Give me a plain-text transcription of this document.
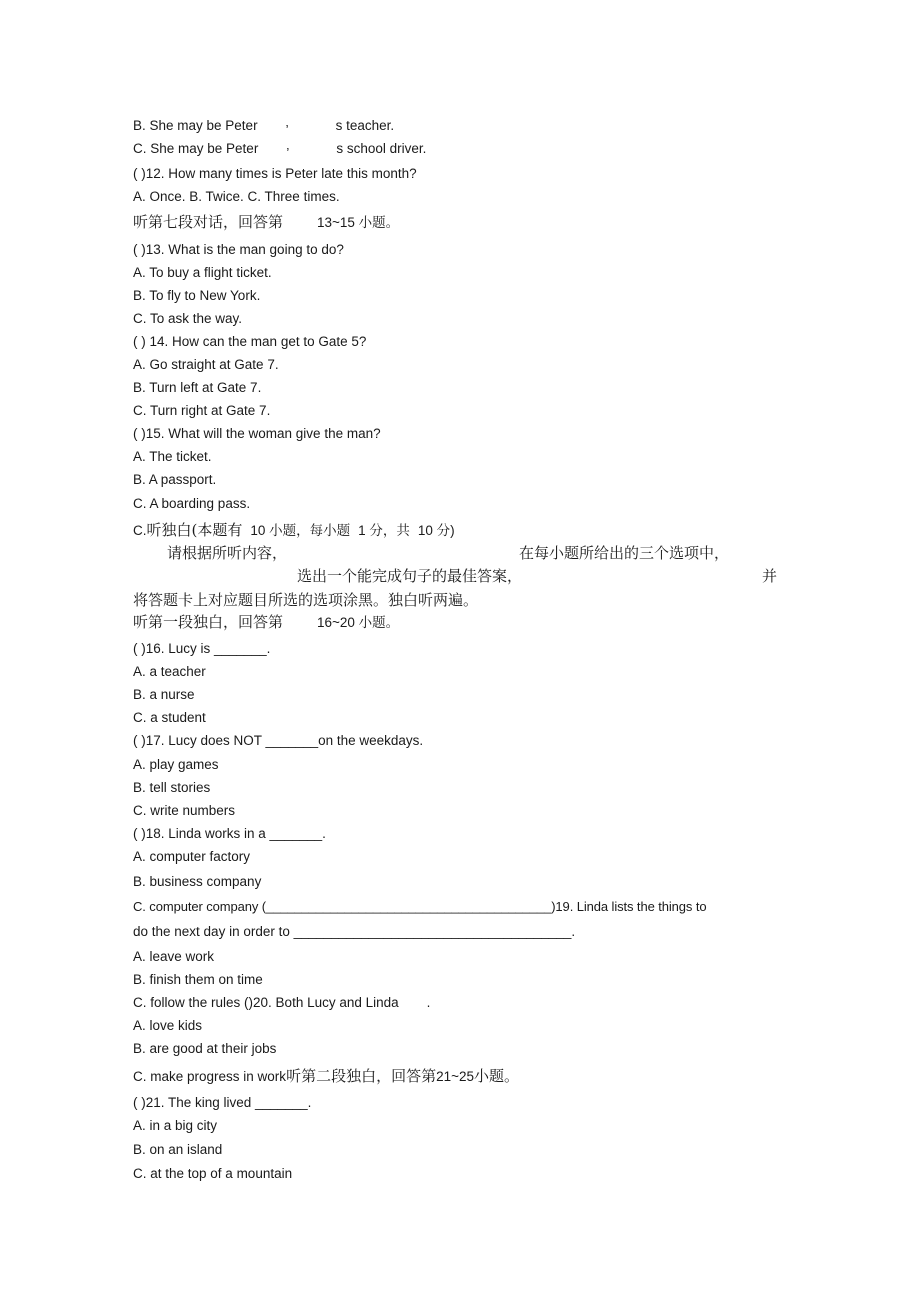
B. She may be Peter ’	s teacher.
C. She may be Peter ’	s school driver.
( )12. How many times is Peter late this month?
A. Once. B. Twice. C. Three times.
听第七段对话，回答第	13~15 小题。
( )13. What is the man going to do?
A. To buy a flight ticket.
B. To fly to New York.
C. To ask the way.
( ) 14. How can the man get to Gate 5?
A. Go straight at Gate 7.
B. Turn left at Gate 7.
C. Turn right at Gate 7.
( )15. What will the woman give the man?
A. The ticket.
B. A passport.
C. A boarding pass.
C.听独白(本题有 10 小题，每小题 1 分，共 10 分)
请根据所听内容，	在每小题所给出的三个选项中，
选出一个能完成句子的最佳答案，	并
将答题卡上对应题目所选的选项涂黑。独白听两遍。
听第一段独白，回答第	16~20 小题。
( )16. Lucy is _______.
A. a teacher
B. a nurse
C. a student
( )17. Lucy does NOT _______on the weekdays.
A. play games
B. tell stories
C. write numbers
( )18. Linda works in a _______.
A. computer factory
B. business company
C. computer company (________________________________________)19. Linda lists the things to
do the next day in order to _____________________________________.
A. leave work
B. finish them on time
C. follow the rules ()20. Both Lucy and Linda .
A. love kids
B. are good at their jobs
C. make progress in work听第二段独白，回答第21~25小题。
( )21. The king lived _______.
A. in a big city
B. on an island
C. at the top of a mountain
